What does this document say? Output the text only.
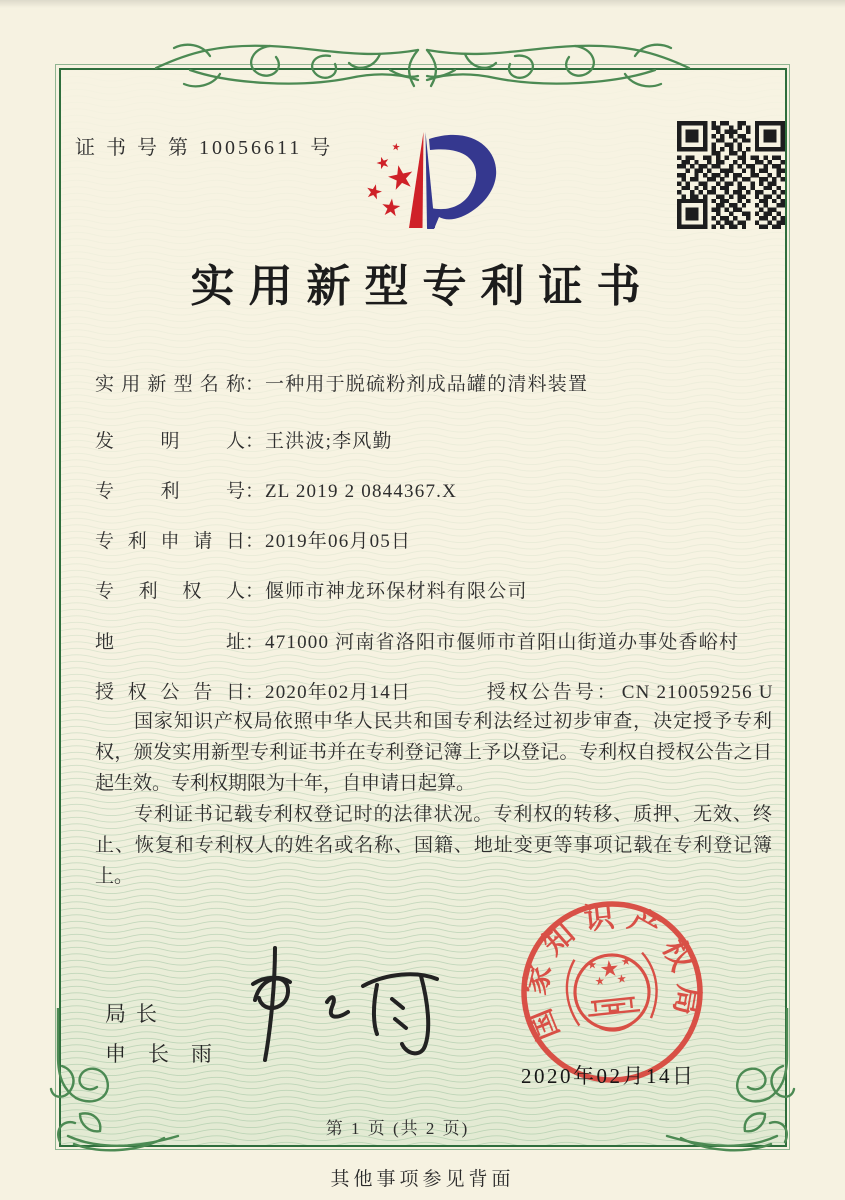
证 书 号 第 10056611 号
实用新型专利证书
实 用 新 型 名 称 ：一种用于脱硫粉剂成品罐的清料装置
发 明 人 ：王洪波;李风勤
专 利 号 ：ZL 2019 2 0844367.X
专 利 申 请 日 ：2019年06月05日
专 利 权 人 ：偃师市神龙环保材料有限公司
地	址 ：471000 河南省洛阳市偃师市首阳山街道办事处香峪村
授 权 公 告 日 ：2020年02月14日	授权公告号： CN 210059256 U

国家知识产权局依照中华人民共和国专利法经过初步审查，决定授予专利权，颁发实用新型专利证书并在专利登记簿上予以登记。专利权自授权公告之日起生效。专利权期限为十年，自申请日起算。

专利证书记载专利权登记时的法律状况。专利权的转移、质押、无效、终止、恢复和专利权人的姓名或名称、国籍、地址变更等事项记载在专利登记簿上。

局长
申长雨
国家知识产权局
2020年02月14日
第 1 页 (共 2 页)
其他事项参见背面
